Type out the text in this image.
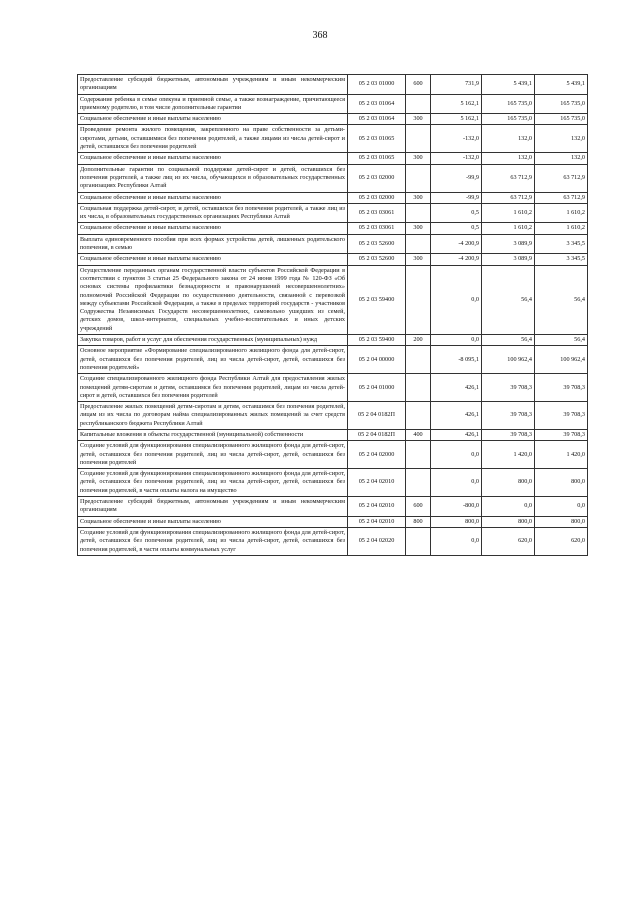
368
Предоставление субсидий бюджетным, автономным учреждениям и иным некоммерческим организациям	05 2 03 01000	600	731,9	5 439,1	5 439,1
Содержание ребенка в семье опекуна и приемной семье, а также вознаграждение, причитающееся приемному родителю, в том числе дополнительные гарантии	05 2 03 01064		5 162,1	165 735,0	165 735,0
Социальное обеспечение и иные выплаты населению	05 2 03 01064	300	5 162,1	165 735,0	165 735,0
Проведение ремонта жилого помещения, закрепленного на праве собственности за детьми-сиротами, детьми, оставшимися без попечения родителей, а также лицами из числа детей-сирот и детей, оставшихся без попечения родителей	05 2 03 01065		-132,0	132,0	132,0
Социальное обеспечение и иные выплаты населению	05 2 03 01065	300	-132,0	132,0	132,0
Дополнительные гарантии по социальной поддержке детей-сирот и детей, оставшихся без попечения родителей, а также лиц из их числа, обучающихся в образовательных государственных организациях Республики Алтай	05 2 03 02000		-99,9	63 712,9	63 712,9
Социальное обеспечение и иные выплаты населению	05 2 03 02000	300	-99,9	63 712,9	63 712,9
Социальная поддержка детей-сирот, и детей, оставшихся без попечения родителей, а также лиц из их числа, в образовательных государственных организациях Республики Алтай	05 2 03 03061		0,5	1 610,2	1 610,2
Социальное обеспечение и иные выплаты населению	05 2 03 03061	300	0,5	1 610,2	1 610,2
Выплата единовременного пособия при всех формах устройства детей, лишенных родительского попечения, в семью	05 2 03 52600		-4 200,9	3 089,9	3 345,5
Социальное обеспечение и иные выплаты населению	05 2 03 52600	300	-4 200,9	3 089,9	3 345,5
Осуществление переданных органам государственной власти субъектов Российской Федерации в соответствии с пунктом 3 статьи 25 Федерального закона от 24 июня 1999 года № 120-ФЗ «Об основах системы профилактики безнадзорности и правонарушений несовершеннолетних» полномочий Российской Федерации по осуществлению деятельности, связанной с перевозкой между субъектами Российской Федерации, а также в пределах территорий государств - участников Содружества Независимых Государств несовершеннолетних, самовольно ушедших из семей, детских домов, школ-интернатов, специальных учебно-воспитательных и иных детских учреждений	05 2 03 59400		0,0	56,4	56,4
Закупка товаров, работ и услуг для обеспечения государственных (муниципальных) нужд	05 2 03 59400	200	0,0	56,4	56,4
Основное мероприятие «Формирование специализированного жилищного фонда для детей-сирот, детей, оставшихся без попечения родителей, лиц из числа детей-сирот, детей, оставшихся без попечения родителей»	05 2 04 00000		-8 095,1	100 962,4	100 962,4
Создание специализированного жилищного фонда Республики Алтай для предоставления жилых помещений детям-сиротам и детям, оставшимся без попечения родителей, лицам из числа детей-сирот и детей, оставшихся без попечения родителей	05 2 04 01000		426,1	39 708,3	39 708,3
Предоставление жилых помещений детям-сиротам и детям, оставшимся без попечения родителей, лицам из их числа по договорам найма специализированных жилых помещений за счет средств республиканского бюджета Республики Алтай	05 2 04 0182П		426,1	39 708,3	39 708,3
Капитальные вложения в объекты государственной (муниципальной) собственности	05 2 04 0182П	400	426,1	39 708,3	39 708,3
Создание условий для функционирования специализированного жилищного фонда для детей-сирот, детей, оставшихся без попечения родителей, лиц из числа детей-сирот, детей, оставшихся без попечения родителей	05 2 04 02000		0,0	1 420,0	1 420,0
Создание условий для функционирования специализированного жилищного фонда для детей-сирот, детей, оставшихся без попечения родителей, лиц из числа детей-сирот, детей, оставшихся без попечения родителей, в части оплаты налога на имущество	05 2 04 02010		0,0	800,0	800,0
Предоставление субсидий бюджетным, автономным учреждениям и иным некоммерческим организациям	05 2 04 02010	600	-800,0	0,0	0,0
Социальное обеспечение и иные выплаты населению	05 2 04 02010	800	800,0	800,0	800,0
Создание условий для функционирования специализированного жилищного фонда для детей-сирот, детей, оставшихся без попечения родителей, лиц из числа детей-сирот, детей, оставшихся без попечения родителей, в части оплаты коммунальных услуг	05 2 04 02020		0,0	620,0	620,0
